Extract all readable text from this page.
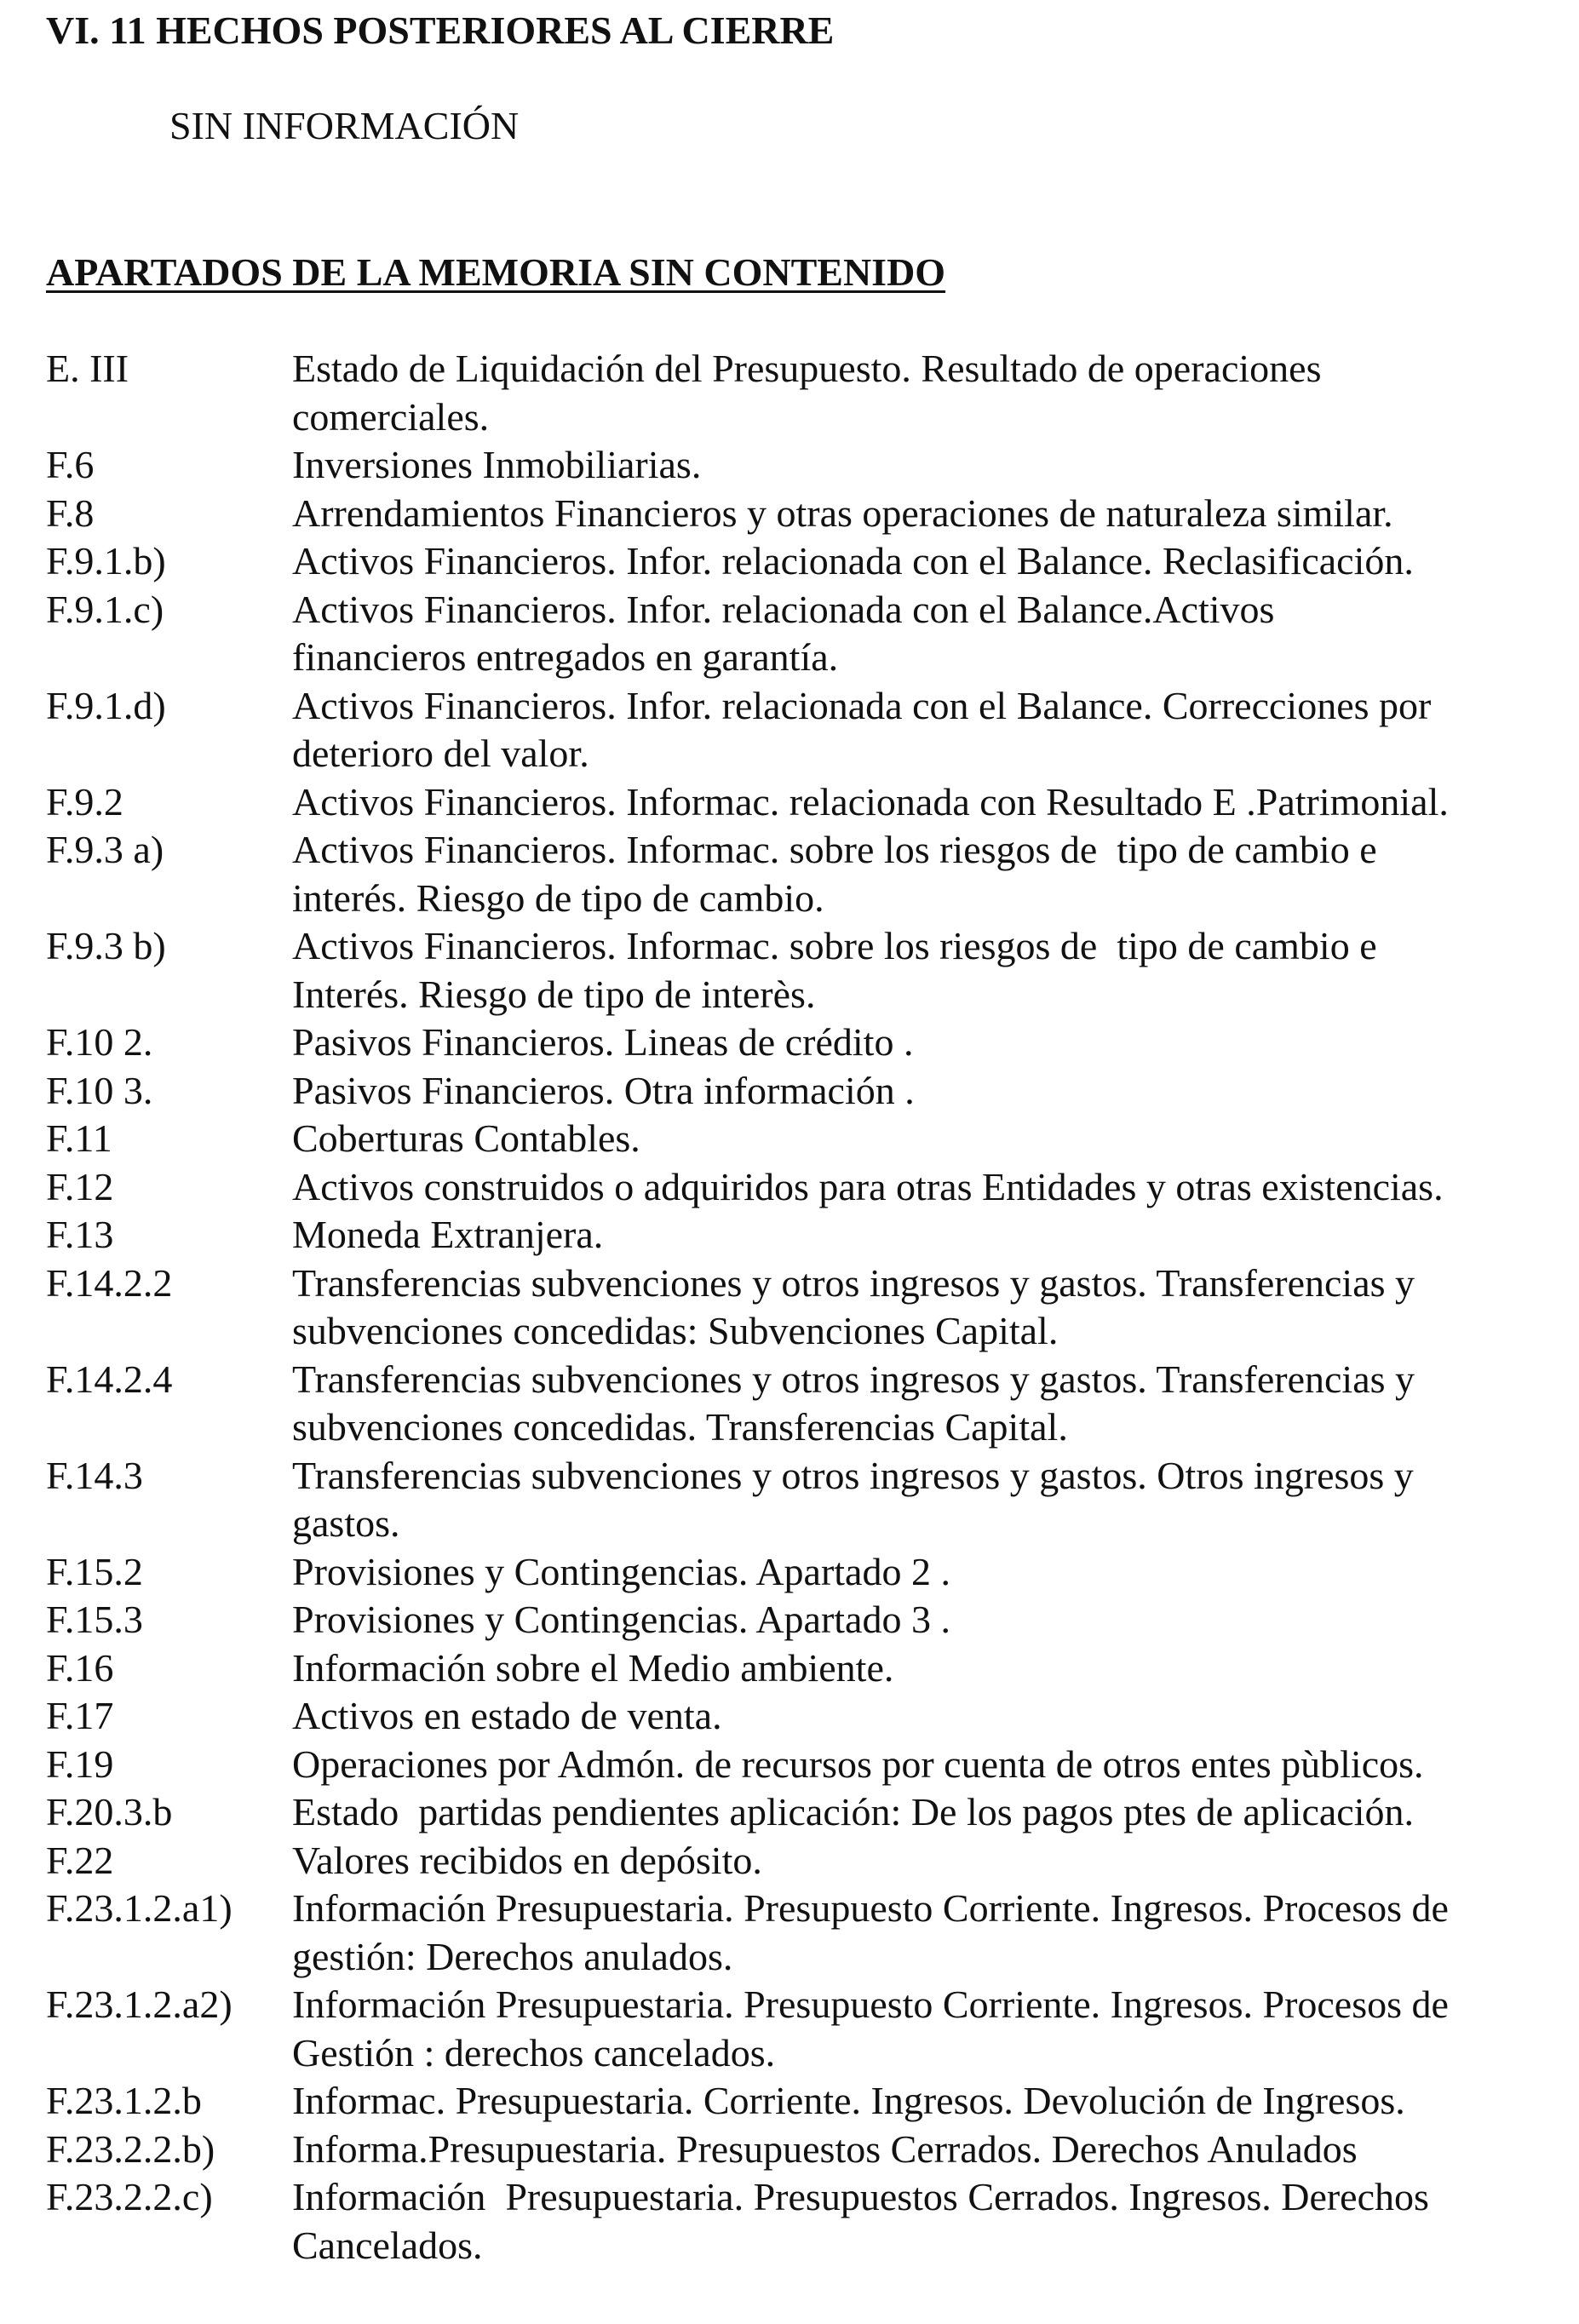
VI. 11 HECHOS POSTERIORES AL CIERRE

SIN INFORMACIÓN

APARTADOS DE LA MEMORIA SIN CONTENIDO
E. III	Estado de Liquidación del Presupuesto. Resultado de operaciones
comerciales.
F.6	Inversiones Inmobiliarias.
F.8	Arrendamientos Financieros y otras operaciones de naturaleza similar.
F.9.1.b)	Activos Financieros. Infor. relacionada con el Balance. Reclasificación.
F.9.1.c)	Activos Financieros. Infor. relacionada con el Balance.Activos
financieros entregados en garantía.
F.9.1.d)	Activos Financieros. Infor. relacionada con el Balance. Correcciones por
deterioro del valor.
F.9.2	Activos Financieros. Informac. relacionada con Resultado E .Patrimonial.
F.9.3 a)	Activos Financieros. Informac. sobre los riesgos de  tipo de cambio e
interés. Riesgo de tipo de cambio.
F.9.3 b)	Activos Financieros. Informac. sobre los riesgos de  tipo de cambio e
Interés. Riesgo de tipo de interès.
F.10 2.	Pasivos Financieros. Lineas de crédito .
F.10 3.	Pasivos Financieros. Otra información .
F.11	Coberturas Contables.
F.12	Activos construidos o adquiridos para otras Entidades y otras existencias.
F.13	Moneda Extranjera.
F.14.2.2	Transferencias subvenciones y otros ingresos y gastos. Transferencias y
subvenciones concedidas: Subvenciones Capital.
F.14.2.4	Transferencias subvenciones y otros ingresos y gastos. Transferencias y
subvenciones concedidas. Transferencias Capital.
F.14.3	Transferencias subvenciones y otros ingresos y gastos. Otros ingresos y
gastos.
F.15.2	Provisiones y Contingencias. Apartado 2 .
F.15.3	Provisiones y Contingencias. Apartado 3 .
F.16	Información sobre el Medio ambiente.
F.17	Activos en estado de venta.
F.19	Operaciones por Admón. de recursos por cuenta de otros entes pùblicos.
F.20.3.b	Estado  partidas pendientes aplicación: De los pagos ptes de aplicación.
F.22	Valores recibidos en depósito.
F.23.1.2.a1)	Información Presupuestaria. Presupuesto Corriente. Ingresos. Procesos de
gestión: Derechos anulados.
F.23.1.2.a2)	Información Presupuestaria. Presupuesto Corriente. Ingresos. Procesos de
Gestión : derechos cancelados.
F.23.1.2.b	Informac. Presupuestaria. Corriente. Ingresos. Devolución de Ingresos.
F.23.2.2.b)	Informa.Presupuestaria. Presupuestos Cerrados. Derechos Anulados
F.23.2.2.c)	Información  Presupuestaria. Presupuestos Cerrados. Ingresos. Derechos
Cancelados.
